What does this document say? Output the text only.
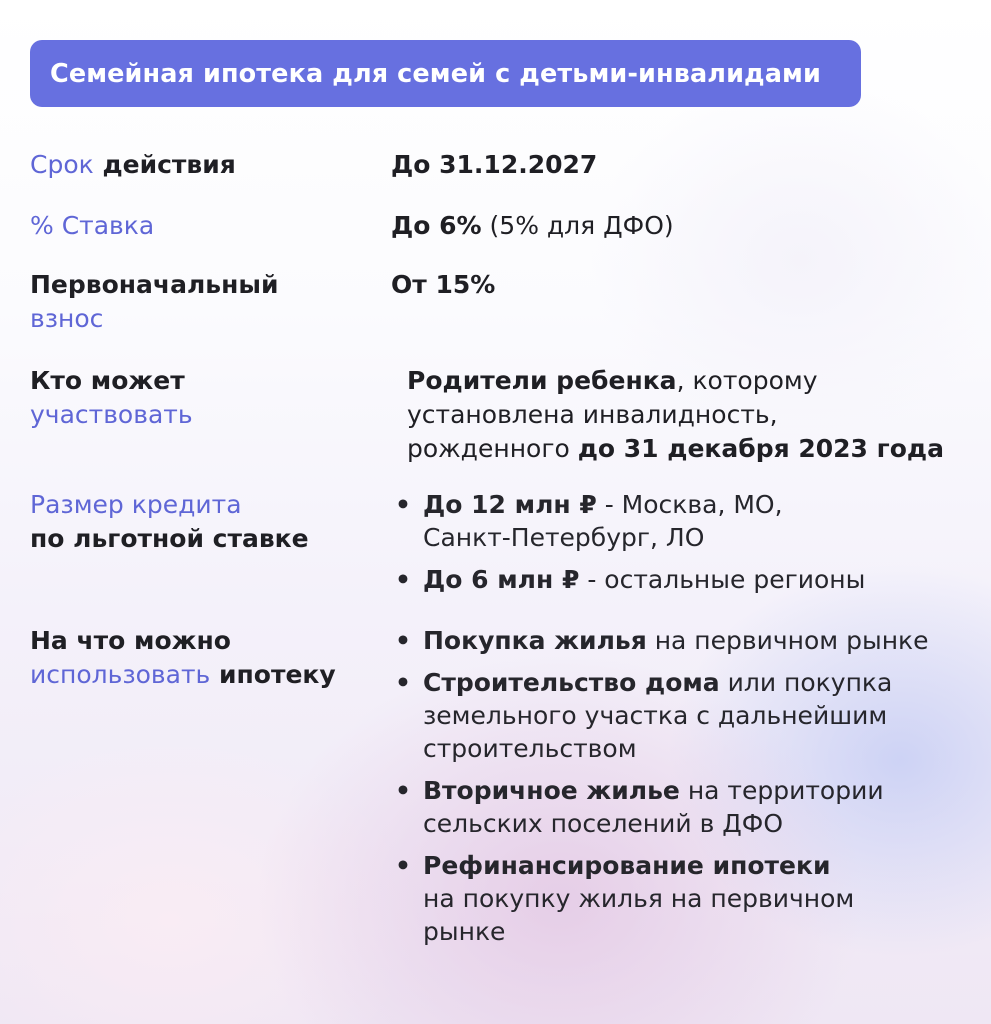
Семейная ипотека для семей с детьми-инвалидами
Срок действия	До 31.12.2027
% Ставка	До 6% (5% для ДФО)
Первоначальный
взнос
От 15%
Кто может
участвовать
Родители ребенка, которому
установлена инвалидность,
рожденного до 31 декабря 2023 года
Размер кредита
по льготной ставке
• До 12 млн ₽ - Москва, МО,
Санкт-Петербург, ЛО
• До 6 млн ₽ - остальные регионы
На что можно
использовать ипотеку
• Покупка жилья на первичном рынке
• Строительство дома или покупка
земельного участка с дальнейшим
строительством
• Вторичное жилье на территории
сельских поселений в ДФО
• Рефинансирование ипотеки
на покупку жилья на первичном
рынке
